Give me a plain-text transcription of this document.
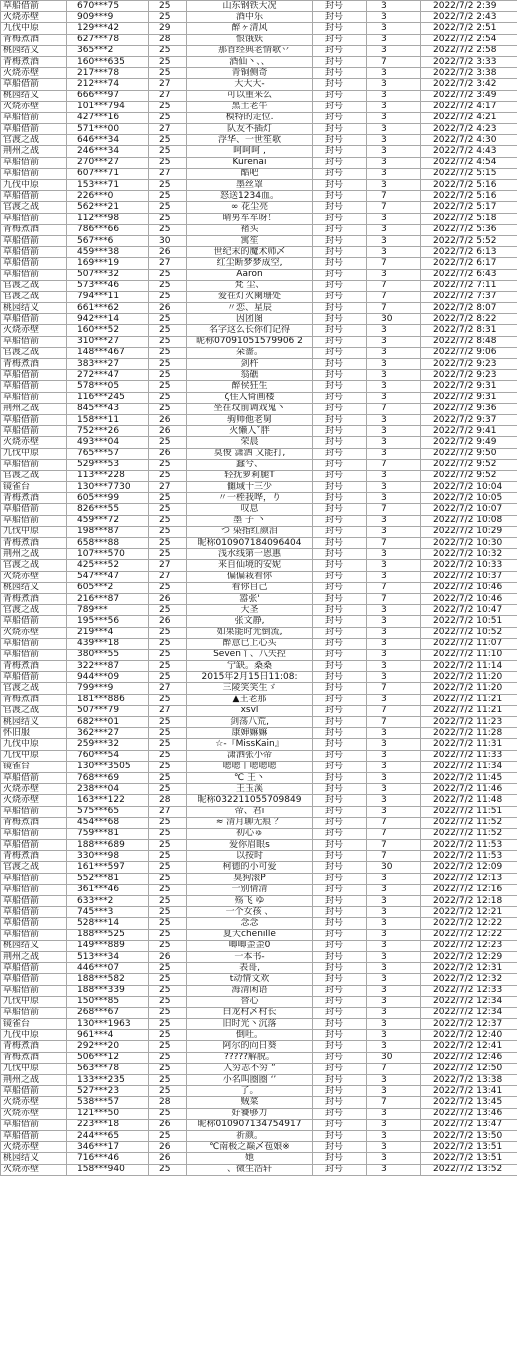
草船借箭	670***75	25	山东钢铁大况	封号	3	2022/7/2 2:39
火烧赤壁	909***9	25	酒中乐	封号	3	2022/7/2 2:43
九伐中原	129***42	29	醉ヶ清风	封号	3	2022/7/2 2:51
青梅煮酒	627***78	28	恨饿妖	封号	3	2022/7/2 2:54
桃园结义	365***2	25	￣那首经典老情歌丷	封号	3	2022/7/2 2:58
青梅煮酒	160***635	25	酒仙丶、、	封号	7	2022/7/2 3:33
火烧赤壁	217***78	25	青铜侧奇	封号	3	2022/7/2 3:38
草船借箭	212***74	27	大大大-	封号	3	2022/7/2 3:42
桃园结义	666***97	27	可以重来么	封号	3	2022/7/2 3:49
火烧赤壁	101***794	25	黑土老牛	封号	3	2022/7/2 4:17
草船借箭	427***16	25	模特的走位.	封号	3	2022/7/2 4:21
草船借箭	571***00	27	队友不插灯	封号	3	2022/7/2 4:23
官渡之战	646***34	25	浮华、一世笙歌	封号	3	2022/7/2 4:30
荆州之战	246***34	25	呵呵呵 ,	封号	3	2022/7/2 4:43
草船借箭	270***27	25	Kurenai	封号	3	2022/7/2 4:54
草船借箭	607***71	27	酷吧	封号	3	2022/7/2 5:15
九伐中原	153***71	25	墨丝罩	封号	3	2022/7/2 5:16
草船借箭	226***0	25	怒送1234血。	封号	7	2022/7/2 5:16
官渡之战	562***21	25	∞ 花尘亮	封号	7	2022/7/2 5:17
草船借箭	112***98	25	晴男军军呀！	封号	3	2022/7/2 5:18
青梅煮酒	786***66	25	褚头	封号	3	2022/7/2 5:36
草船借箭	567***6	30	寓笙	封号	3	2022/7/2 5:52
草船借箭	459***38	26	世纪末的魔术师乄	封号	3	2022/7/2 6:13
草船借箭	169***19	27	红尘断梦梦成空,	封号	7	2022/7/2 6:17
草船借箭	507***32	25	Aaron	封号	3	2022/7/2 6:43
官渡之战	573***46	25	梵 尘、	封号	7	2022/7/2 7:11
官渡之战	794***11	25	爱在灯火阑珊处	封号	7	2022/7/2 7:37
桃园结义	661***62	26	〃恋、星辰	封号	7	2022/7/2 8:07
草船借箭	942***14	25	因团图	封号	30	2022/7/2 8:22
火烧赤壁	160***52	25	名字这么长你们记得	封号	3	2022/7/2 8:31
草船借箭	310***27	25	昵称07091051579906 2	封号	3	2022/7/2 8:48
官渡之战	148***467	25	朵薔。	封号	3	2022/7/2 9:06
青梅煮酒	383***27	25	剑杵	封号	3	2022/7/2 9:23
草船借箭	272***47	25	翁礁	封号	3	2022/7/2 9:23
草船借箭	578***05	25	醉侯狂生	封号	3	2022/7/2 9:31
草船借箭	116***245	25	ζ佳人倚画楼	封号	3	2022/7/2 9:31
荆州之战	845***43	25	坐在坟前调戏鬼丶	封号	7	2022/7/2 9:36
草船借箭	158***11	26	驹帅他老舅	封号	3	2022/7/2 9:37
草船借箭	752***26	26	火懒人ˇ胖	封号	3	2022/7/2 9:41
火烧赤壁	493***04	25	荣晨	封号	3	2022/7/2 9:49
九伐中原	765***57	26	莫俊 潇洒 又能打,	封号	3	2022/7/2 9:50
草船借箭	529***53	25	蠢兮、	封号	7	2022/7/2 9:52
官渡之战	113***228	25	轻抚萝莉腿T	封号	3	2022/7/2 9:52
镜雀台	130***7730	27	雠域十三少	封号	3	2022/7/2 10:04
青梅煮酒	605***99	25	〃一桎我哗，り	封号	3	2022/7/2 10:05
草船借箭	826***55	25	叹息	封号	7	2022/7/2 10:07
草船借箭	459***72	25	墨 子 丶	封号	3	2022/7/2 10:08
九伐中原	198***87	25	つ 染指红颜泪	封号	3	2022/7/2 10:29
青梅煮酒	658***88	25	昵称010907184096404	封号	7	2022/7/2 10:30
荆州之战	107***570	25	浅水线第一恩惠	封号	3	2022/7/2 10:32
官渡之战	425***52	27	来自仙境的安妮	封号	3	2022/7/2 10:33
火烧赤壁	547***47	27	偏偏栽看你	封号	3	2022/7/2 10:37
桃园结义	605***2	25	看你自己	封号	7	2022/7/2 10:46
青梅煮酒	216***87	26	嚣张'	封号	7	2022/7/2 10:46
官渡之战	789***	25	大圣	封号	3	2022/7/2 10:47
草船借箭	195***56	26	张文静,	封号	3	2022/7/2 10:51
火烧赤壁	219***4	25	如果能时光倒流,	封号	3	2022/7/2 10:52
草船借箭	439***18	25	醉意已上心头	封号	3	2022/7/2 11:07
草船借箭	380***55	25	Seven丫、八失控	封号	3	2022/7/2 11:10
青梅煮酒	322***87	25	宁缺。桑桑	封号	3	2022/7/2 11:14
草船借箭	944***09	25	2015年2月15日11:08:	封号	3	2022/7/2 11:20
官渡之战	799***9	27	三陵笑笑生ゞ	封号	7	2022/7/2 11:20
青梅煮酒	181***886	25	▲王老那	封号	3	2022/7/2 11:21
官渡之战	507***79	27	xsvl	封号	7	2022/7/2 11:21
桃园结义	682***01	25	剑荡八荒,	封号	7	2022/7/2 11:23
怀旧服	362***27	25	康婶嫲嫲	封号	3	2022/7/2 11:28
九伐中原	259***32	25	☆-『MissKain』	封号	3	2022/7/2 11:31
九伐中原	760***54	25	潇洒张小帝	封号	3	2022/7/2 11:33
镜雀台	130***3505	25	嗯嗯丨嗯嗯嗯	封号	3	2022/7/2 11:34
草船借箭	768***69	25	℃ 王丶	封号	3	2022/7/2 11:45
火烧赤壁	238***04	25	王玉溪	封号	3	2022/7/2 11:46
火烧赤壁	163***122	28	昵称032211055709849	封号	3	2022/7/2 11:48
草船借箭	575***65	27	帝、君i	封号	3	2022/7/2 11:51
青梅煮酒	454***68	25	≈ 清月聊无痕 ？	封号	7	2022/7/2 11:52
草船借箭	759***81	25	初心ゅ	封号	7	2022/7/2 11:52
草船借箭	188***689	25	爱你眉眼s	封号	7	2022/7/2 11:53
青梅煮酒	330***98	25	以按时	封号	7	2022/7/2 11:53
官渡之战	161***597	25	柯德的小可爱	封号	30	2022/7/2 12:09
草船借箭	552***81	25	臭狗滚P	封号	3	2022/7/2 12:13
草船借箭	361***46	25	一别倩清	封号	3	2022/7/2 12:16
草船借箭	633***2	25	殇飞 ゆ	封号	3	2022/7/2 12:18
草船借箭	745***3	25	一个女孩 、	封号	3	2022/7/2 12:21
草船借箭	528***14	25	念念	封号	3	2022/7/2 12:22
草船借箭	188***525	25	夏天chenille	封号	3	2022/7/2 12:22
桃园结义	149***889	25	唧唧歪歪0	封号	3	2022/7/2 12:23
荆州之战	513***34	26	一本书-	封号	3	2022/7/2 12:29
草船借箭	446***07	25	表哥,	封号	3	2022/7/2 12:31
草船借箭	188***582	25	t动情文欢	封号	3	2022/7/2 12:32
草船借箭	188***339	25	海清闲语	封号	3	2022/7/2 12:33
九伐中原	150***85	25	替心	封号	3	2022/7/2 12:34
草船借箭	268***67	25	白龙村乄村长	封号	3	2022/7/2 12:34
镜雀台	130***1963	25	旧时光丶沉落	封号	3	2022/7/2 12:37
九伐中原	961***4	25	倒吐。	封号	3	2022/7/2 12:40
青梅煮酒	292***20	25	阿尔的向日葵	封号	3	2022/7/2 12:41
青梅煮酒	506***12	25	?????解脱。	封号	30	2022/7/2 12:46
九伐中原	563***78	25	人穷志不穷 “	封号	7	2022/7/2 12:50
荆州之战	133***235	25	小名叫圈圈 ‘’	封号	3	2022/7/2 13:38
草船借箭	527***23	25	了。	封号	3	2022/7/2 13:41
火烧赤壁	538***57	28	贼菜	封号	7	2022/7/2 13:45
火烧赤壁	121***50	25	好饕够力	封号	3	2022/7/2 13:46
草船借箭	223***18	26	昵称010907134754917	封号	3	2022/7/2 13:47
草船借箭	244***65	25	祈颜。	封号	3	2022/7/2 13:50
火烧赤壁	346***17	26	℃南极之巅乄苞娘※	封号	3	2022/7/2 13:51
桃园结义	716***46	26	她	封号	3	2022/7/2 13:51
火烧赤壁	158***940	25	、微生浩轩	封号	3	2022/7/2 13:52
